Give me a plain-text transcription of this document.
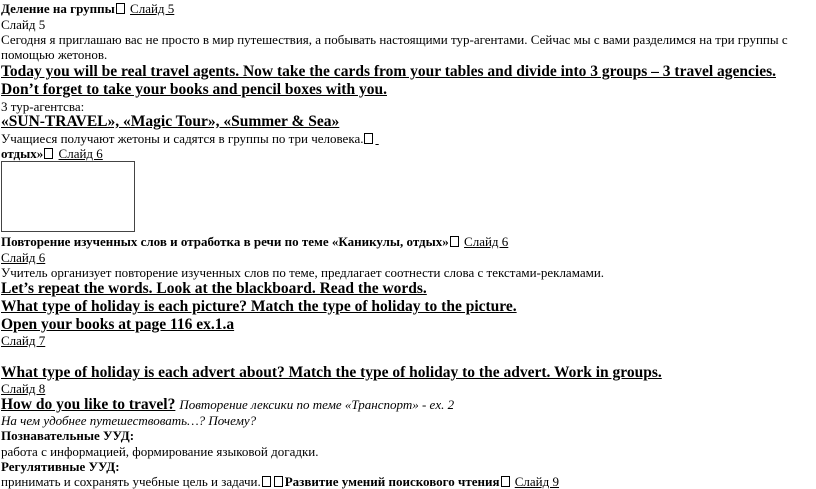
Деление на группы Слайд 5
Слайд 5
Сегодня я приглашаю вас не просто в мир путешествия, а побывать настоящими тур-агентами. Сейчас мы с вами разделимся на три группы с помощью жетонов.
Today you will be real travel agents. Now take the cards from your tables and divide into 3 groups – 3 travel agencies. Don’t forget to take your books and pencil boxes with you.
3 тур-агентсва:
«SUN-TRAVEL», «Magic Tour», «Summer & Sea»
Учащиеся получают жетоны и садятся в группы по три человека.
отдых» Слайд 6
Повторение изученных слов и отработка в речи по теме «Каникулы, отдых» Слайд 6
Слайд 6
Учитель организует повторение изученных слов по теме, предлагает соотнести слова с текстами-рекламами.
Let’s repeat the words. Look at the blackboard. Read the words.
What type of holiday is each picture? Match the type of holiday to the picture.
Open your books at page 116 ex.1.a
Слайд 7
What type of holiday is each advert about? Match the type of holiday to the advert. Work in groups.
Слайд 8
How do you like to travel? Повторение лексики по теме «Транспорт» - ex. 2
На чем удобнее путешествовать…? Почему?
Познавательные УУД:
работа с информацией, формирование языковой догадки.
Регулятивные УУД:
принимать и сохранять учебные цель и задачи. Развитие умений поискового чтения Слайд 9
